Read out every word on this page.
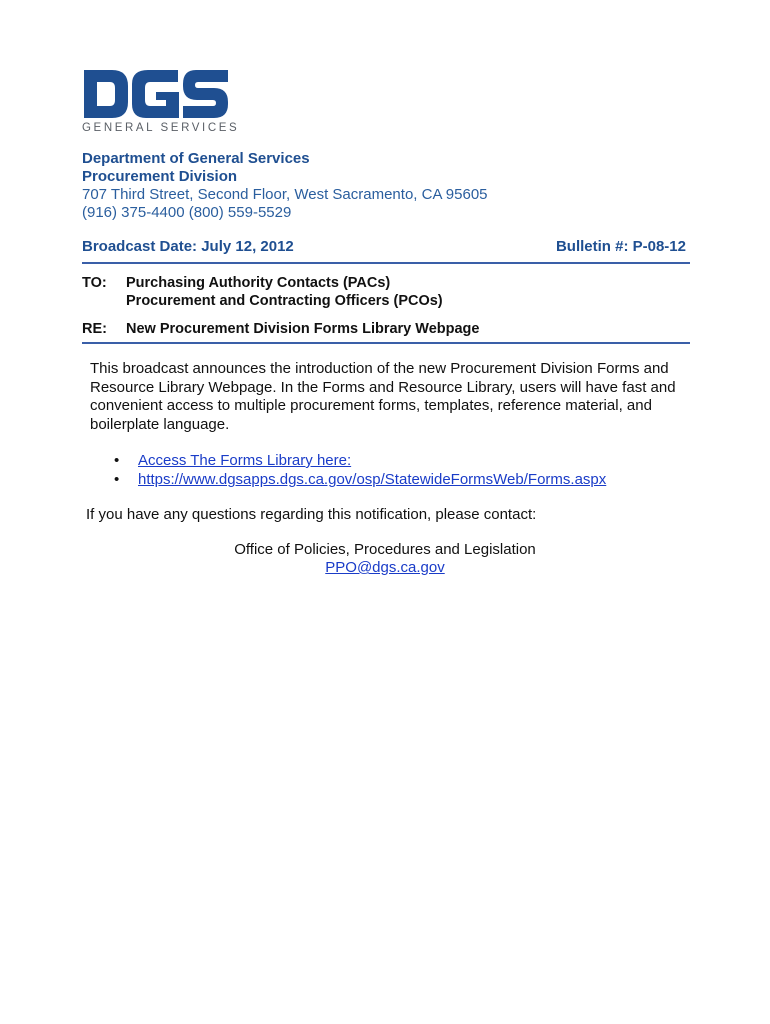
GENERAL SERVICES
Department of General Services
Procurement Division
707 Third Street, Second Floor, West Sacramento, CA 95605
(916) 375-4400 (800) 559-5529
Broadcast Date: July 12, 2012	Bulletin #: P-08-12
TO: Purchasing Authority Contacts (PACs)
Procurement and Contracting Officers (PCOs)
RE: New Procurement Division Forms Library Webpage
This broadcast announces the introduction of the new Procurement Division Forms and Resource Library Webpage. In the Forms and Resource Library, users will have fast and convenient access to multiple procurement forms, templates, reference material, and boilerplate language.
• Access The Forms Library here:
• https://www.dgsapps.dgs.ca.gov/osp/StatewideFormsWeb/Forms.aspx
If you have any questions regarding this notification, please contact:
Office of Policies, Procedures and Legislation
PPO@dgs.ca.gov
